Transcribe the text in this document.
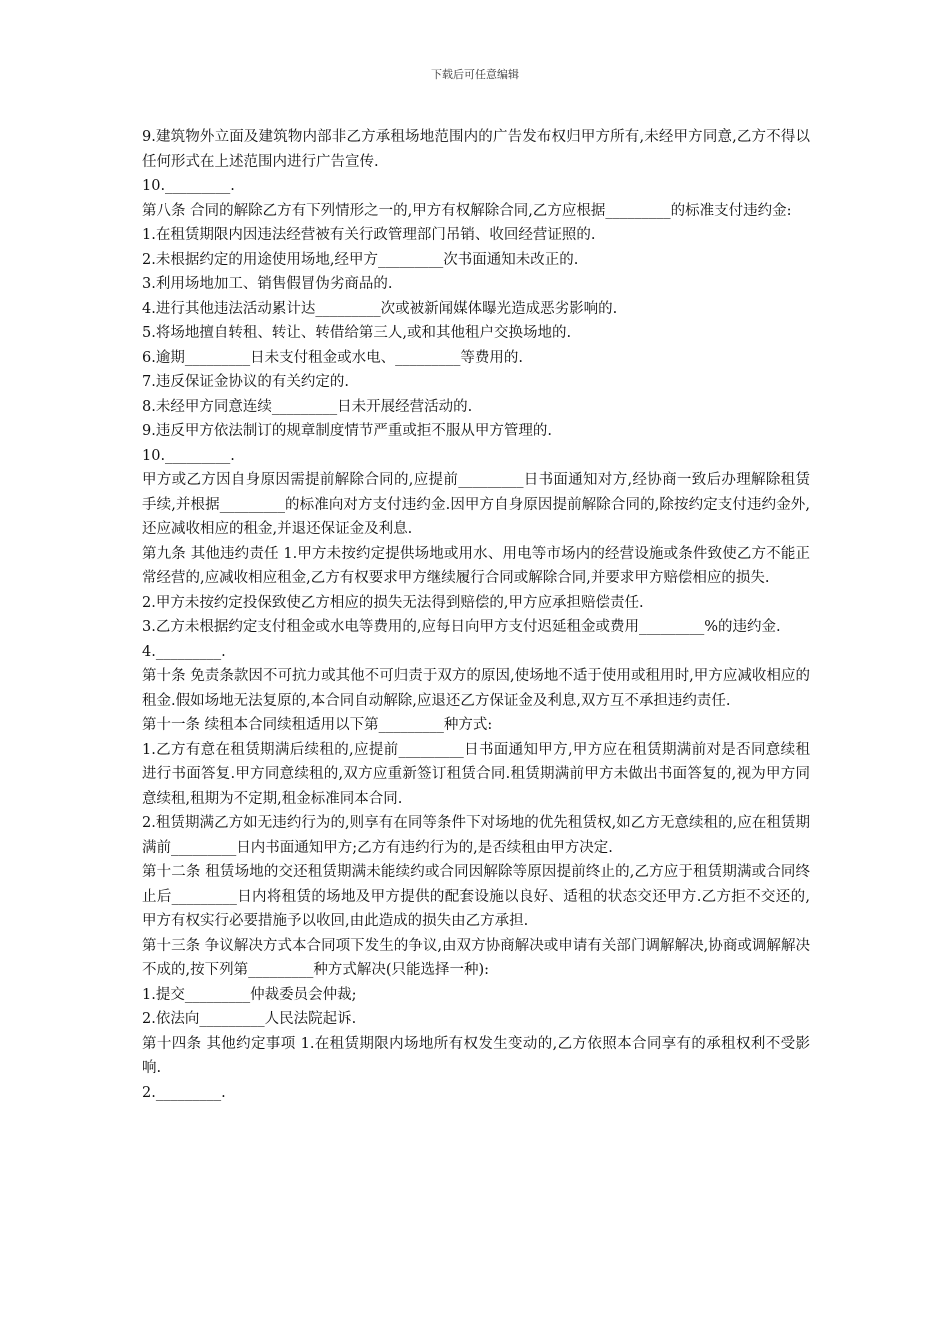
下载后可任意编辑

9.建筑物外立面及建筑物内部非乙方承租场地范围内的广告发布权归甲方所有,未经甲方同意,乙方不得以任何形式在上述范围内进行广告宣传.

10._________.

第八条 合同的解除乙方有下列情形之一的,甲方有权解除合同,乙方应根据_________的标准支付违约金:

1.在租赁期限内因违法经营被有关行政管理部门吊销、收回经营证照的.

2.未根据约定的用途使用场地,经甲方_________次书面通知未改正的.

3.利用场地加工、销售假冒伪劣商品的.

4.进行其他违法活动累计达_________次或被新闻媒体曝光造成恶劣影响的.

5.将场地擅自转租、转让、转借给第三人,或和其他租户交换场地的.

6.逾期_________日未支付租金或水电、_________等费用的.

7.违反保证金协议的有关约定的.

8.未经甲方同意连续_________日未开展经营活动的.

9.违反甲方依法制订的规章制度情节严重或拒不服从甲方管理的.

10._________.

甲方或乙方因自身原因需提前解除合同的,应提前_________日书面通知对方,经协商一致后办理解除租赁手续,并根据_________的标准向对方支付违约金.因甲方自身原因提前解除合同的,除按约定支付违约金外,还应减收相应的租金,并退还保证金及利息.

第九条 其他违约责任 1.甲方未按约定提供场地或用水、用电等市场内的经营设施或条件致使乙方不能正常经营的,应减收相应租金,乙方有权要求甲方继续履行合同或解除合同,并要求甲方赔偿相应的损失.

2.甲方未按约定投保致使乙方相应的损失无法得到赔偿的,甲方应承担赔偿责任.

3.乙方未根据约定支付租金或水电等费用的,应每日向甲方支付迟延租金或费用_________%的违约金.

4._________.

第十条 免责条款因不可抗力或其他不可归责于双方的原因,使场地不适于使用或租用时,甲方应减收相应的租金.假如场地无法复原的,本合同自动解除,应退还乙方保证金及利息,双方互不承担违约责任.

第十一条 续租本合同续租适用以下第_________种方式:

1.乙方有意在租赁期满后续租的,应提前_________日书面通知甲方,甲方应在租赁期满前对是否同意续租进行书面答复.甲方同意续租的,双方应重新签订租赁合同.租赁期满前甲方未做出书面答复的,视为甲方同意续租,租期为不定期,租金标准同本合同.

2.租赁期满乙方如无违约行为的,则享有在同等条件下对场地的优先租赁权,如乙方无意续租的,应在租赁期满前_________日内书面通知甲方;乙方有违约行为的,是否续租由甲方决定.

第十二条 租赁场地的交还租赁期满未能续约或合同因解除等原因提前终止的,乙方应于租赁期满或合同终止后_________日内将租赁的场地及甲方提供的配套设施以良好、适租的状态交还甲方.乙方拒不交还的,甲方有权实行必要措施予以收回,由此造成的损失由乙方承担.

第十三条 争议解决方式本合同项下发生的争议,由双方协商解决或申请有关部门调解解决,协商或调解解决不成的,按下列第_________种方式解决(只能选择一种):

1.提交_________仲裁委员会仲裁;

2.依法向_________人民法院起诉.

第十四条 其他约定事项 1.在租赁期限内场地所有权发生变动的,乙方依照本合同享有的承租权利不受影响.

2._________.
